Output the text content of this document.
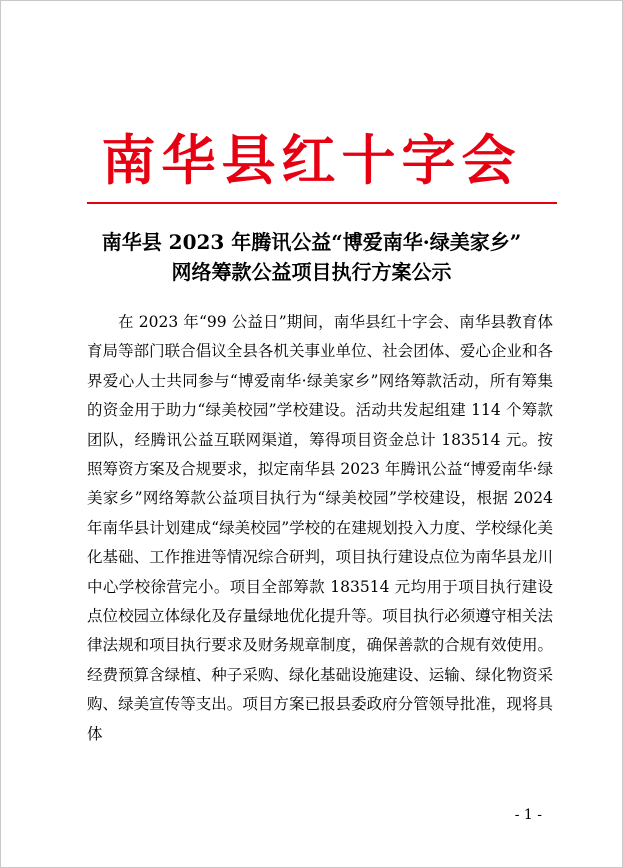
南华县红十字会
南华县 2023 年腾讯公益“博爱南华·绿美家乡”
网络筹款公益项目执行方案公示

在 2023 年“99 公益日”期间，南华县红十字会、南华县教育体育局等部门联合倡议全县各机关事业单位、社会团体、爱心企业和各界爱心人士共同参与“博爱南华·绿美家乡”网络筹款活动，所有筹集的资金用于助力“绿美校园”学校建设。活动共发起组建 114 个筹款团队，经腾讯公益互联网渠道，筹得项目资金总计 183514 元。按照筹资方案及合规要求，拟定南华县 2023 年腾讯公益“博爱南华·绿美家乡”网络筹款公益项目执行为“绿美校园”学校建设，根据 2024 年南华县计划建成“绿美校园”学校的在建规划投入力度、学校绿化美化基础、工作推进等情况综合研判，项目执行建设点位为南华县龙川中心学校徐营完小。项目全部筹款 183514 元均用于项目执行建设点位校园立体绿化及存量绿地优化提升等。项目执行必须遵守相关法律法规和项目执行要求及财务规章制度，确保善款的合规有效使用。经费预算含绿植、种子采购、绿化基础设施建设、运输、绿化物资采购、绿美宣传等支出。项目方案已报县委政府分管领导批准，现将具体

- 1 -
